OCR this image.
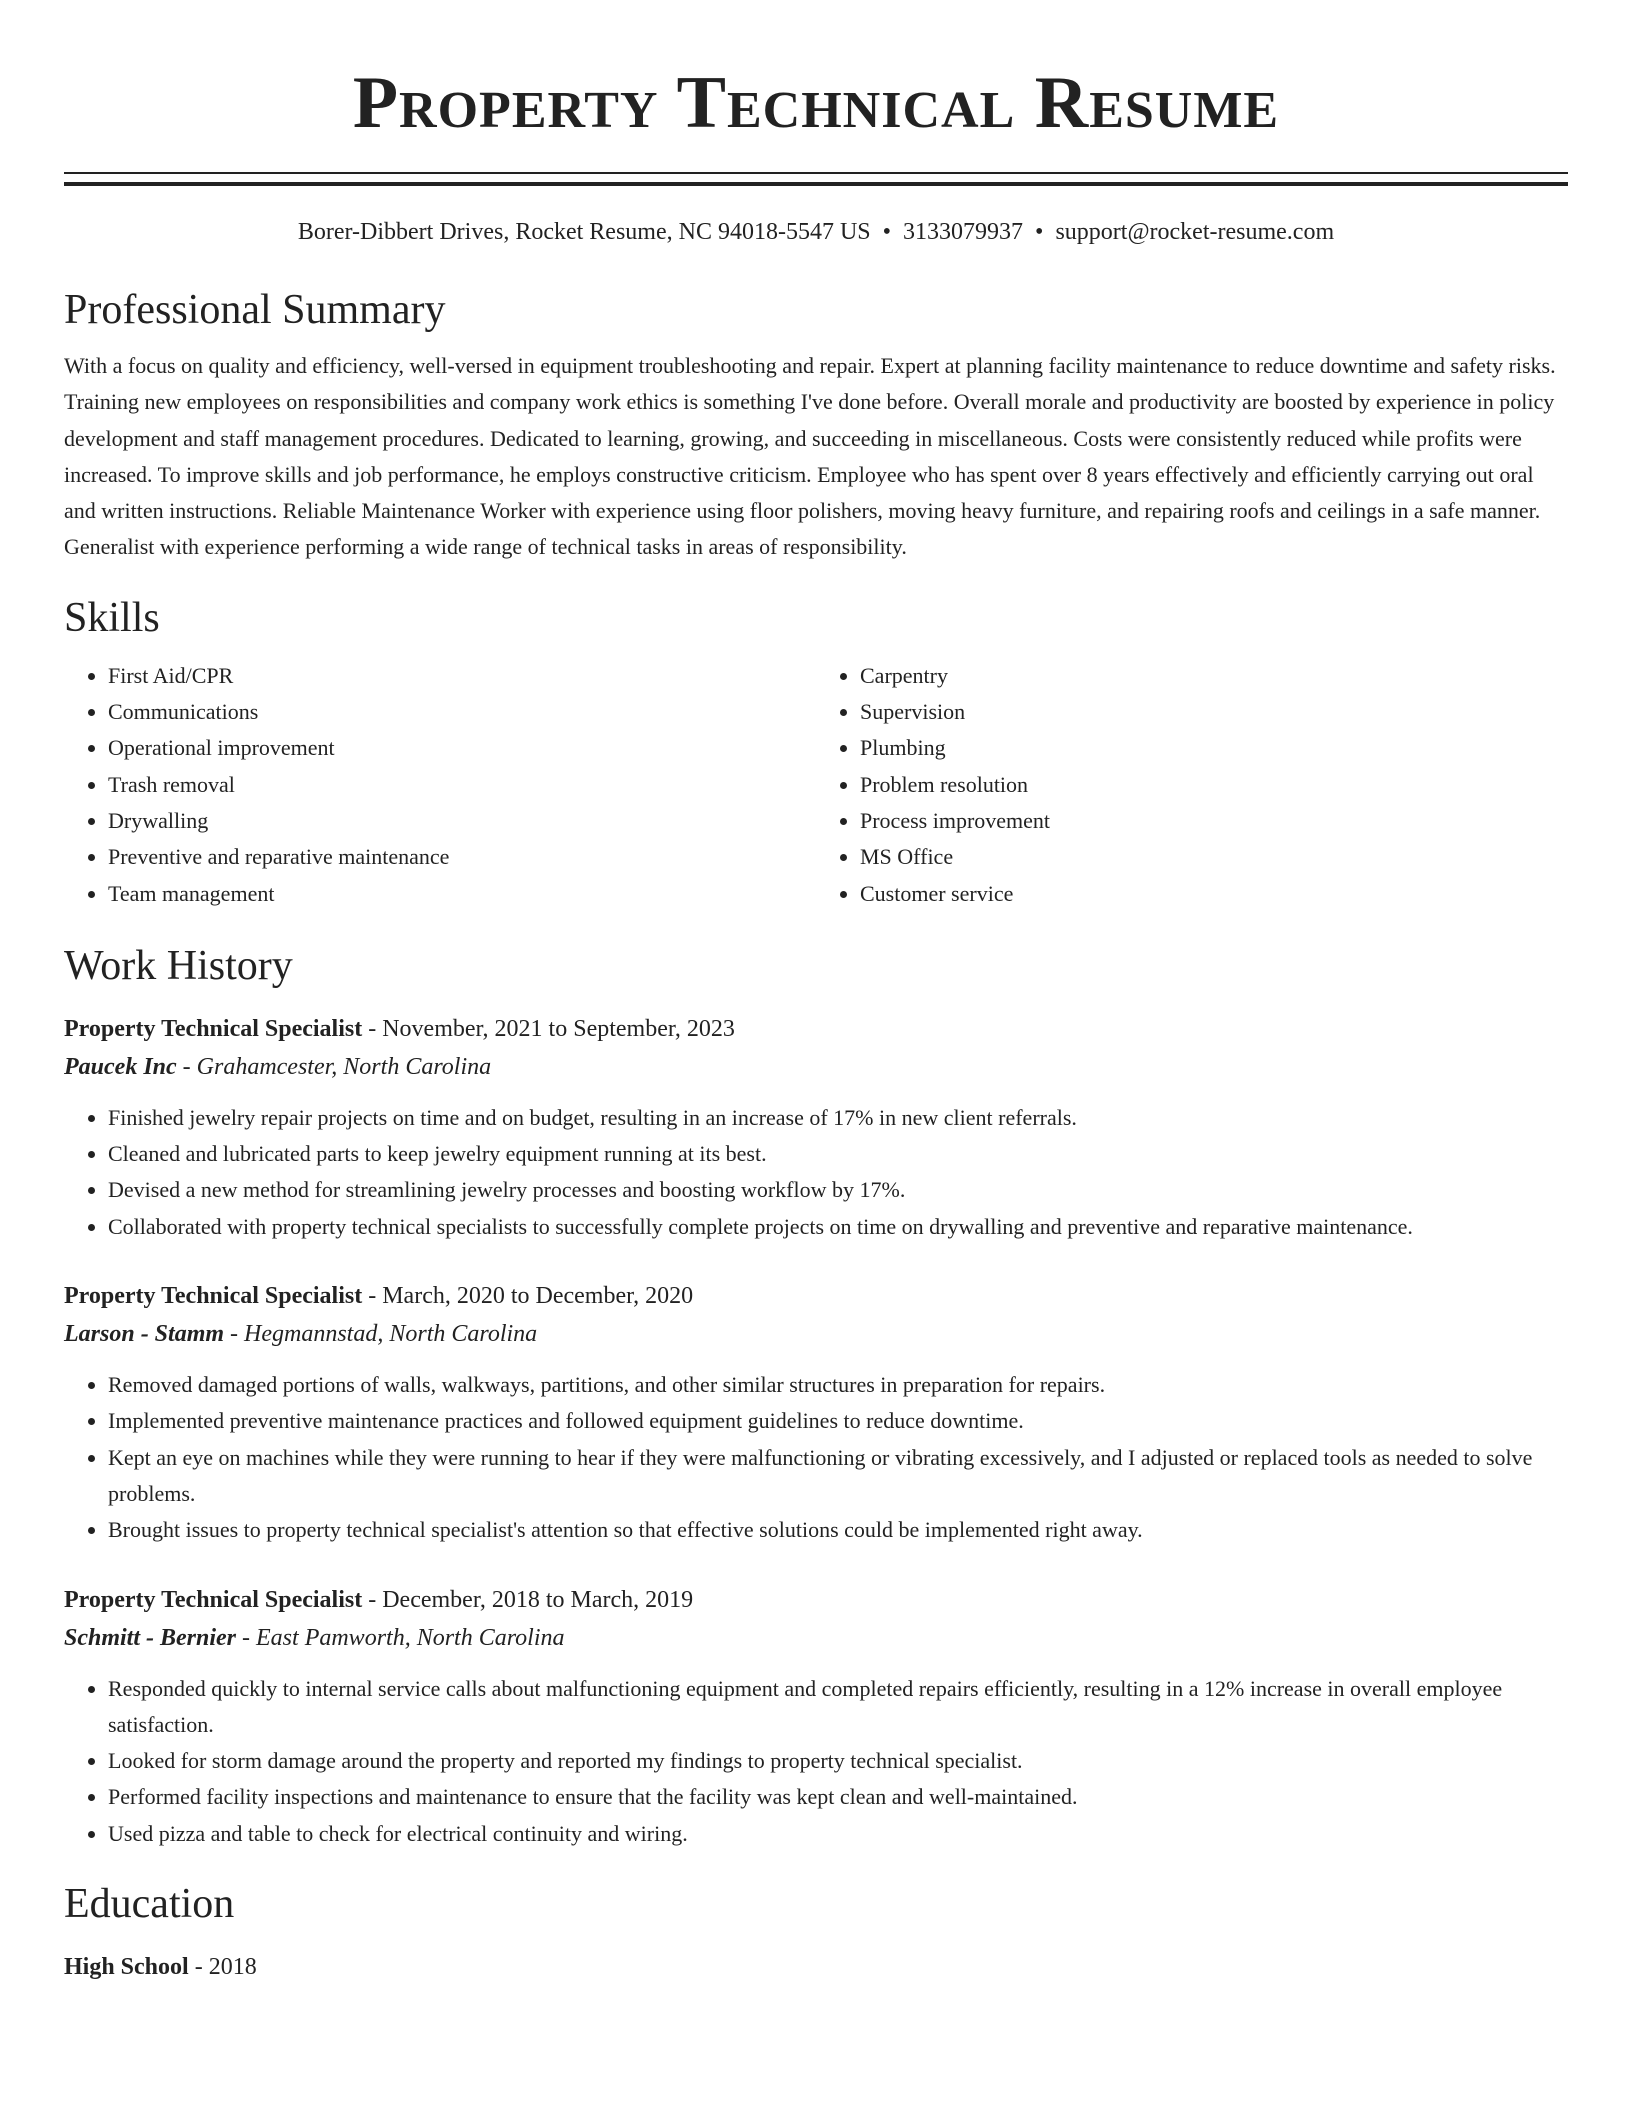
Property Technical Resume
Borer-Dibbert Drives, Rocket Resume, NC 94018-5547 US • 3133079937 • support@rocket-resume.com
Professional Summary

With a focus on quality and efficiency, well-versed in equipment troubleshooting and repair. Expert at planning facility maintenance to reduce downtime and safety risks. Training new employees on responsibilities and company work ethics is something I've done before. Overall morale and productivity are boosted by experience in policy development and staff management procedures. Dedicated to learning, growing, and succeeding in miscellaneous. Costs were consistently reduced while profits were increased. To improve skills and job performance, he employs constructive criticism. Employee who has spent over 8 years effectively and efficiently carrying out oral and written instructions. Reliable Maintenance Worker with experience using floor polishers, moving heavy furniture, and repairing roofs and ceilings in a safe manner. Generalist with experience performing a wide range of technical tasks in areas of responsibility.

Skills
• First Aid/CPR
• Communications
• Operational improvement
• Trash removal
• Drywalling
• Preventive and reparative maintenance
• Team management
• Carpentry
• Supervision
• Plumbing
• Problem resolution
• Process improvement
• MS Office
• Customer service
Work History
Property Technical Specialist - November, 2021 to September, 2023
Paucek Inc - Grahamcester, North Carolina
• Finished jewelry repair projects on time and on budget, resulting in an increase of 17% in new client referrals.
• Cleaned and lubricated parts to keep jewelry equipment running at its best.
• Devised a new method for streamlining jewelry processes and boosting workflow by 17%.
• Collaborated with property technical specialists to successfully complete projects on time on drywalling and preventive and reparative maintenance.
Property Technical Specialist - March, 2020 to December, 2020
Larson - Stamm - Hegmannstad, North Carolina
• Removed damaged portions of walls, walkways, partitions, and other similar structures in preparation for repairs.
• Implemented preventive maintenance practices and followed equipment guidelines to reduce downtime.
• Kept an eye on machines while they were running to hear if they were malfunctioning or vibrating excessively, and I adjusted or replaced tools as needed to solve problems.
• Brought issues to property technical specialist's attention so that effective solutions could be implemented right away.
Property Technical Specialist - December, 2018 to March, 2019
Schmitt - Bernier - East Pamworth, North Carolina
• Responded quickly to internal service calls about malfunctioning equipment and completed repairs efficiently, resulting in a 12% increase in overall employee satisfaction.
• Looked for storm damage around the property and reported my findings to property technical specialist.
• Performed facility inspections and maintenance to ensure that the facility was kept clean and well-maintained.
• Used pizza and table to check for electrical continuity and wiring.
Education
High School - 2018
